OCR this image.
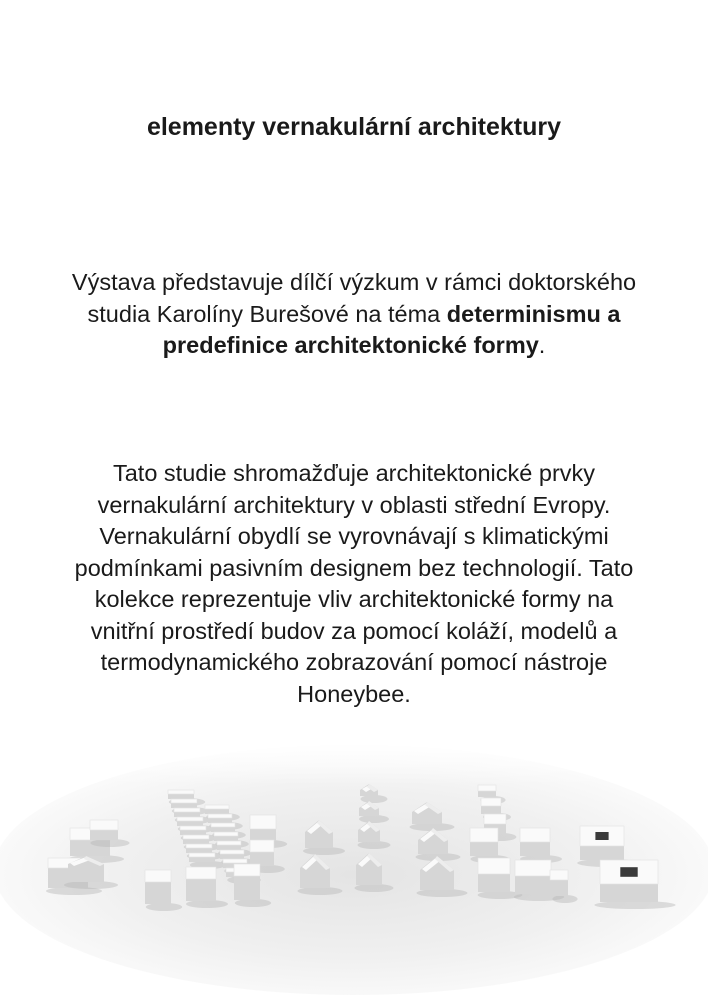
elementy vernakulární architektury
Výstava představuje dílčí výzkum v rámci doktorského studia Karolíny Burešové na téma determinismu a predefinice architektonické formy.
Tato studie shromažďuje architektonické prvky vernakulární architektury v oblasti střední Evropy. Vernakulární obydlí se vyrovnávají s klimatickými podmínkami pasivním designem bez technologií. Tato kolekce reprezentuje vliv architektonické formy na vnitřní prostředí budov za pomocí koláží, modelů a termodynamického zobrazování pomocí nástroje Honeybee.
